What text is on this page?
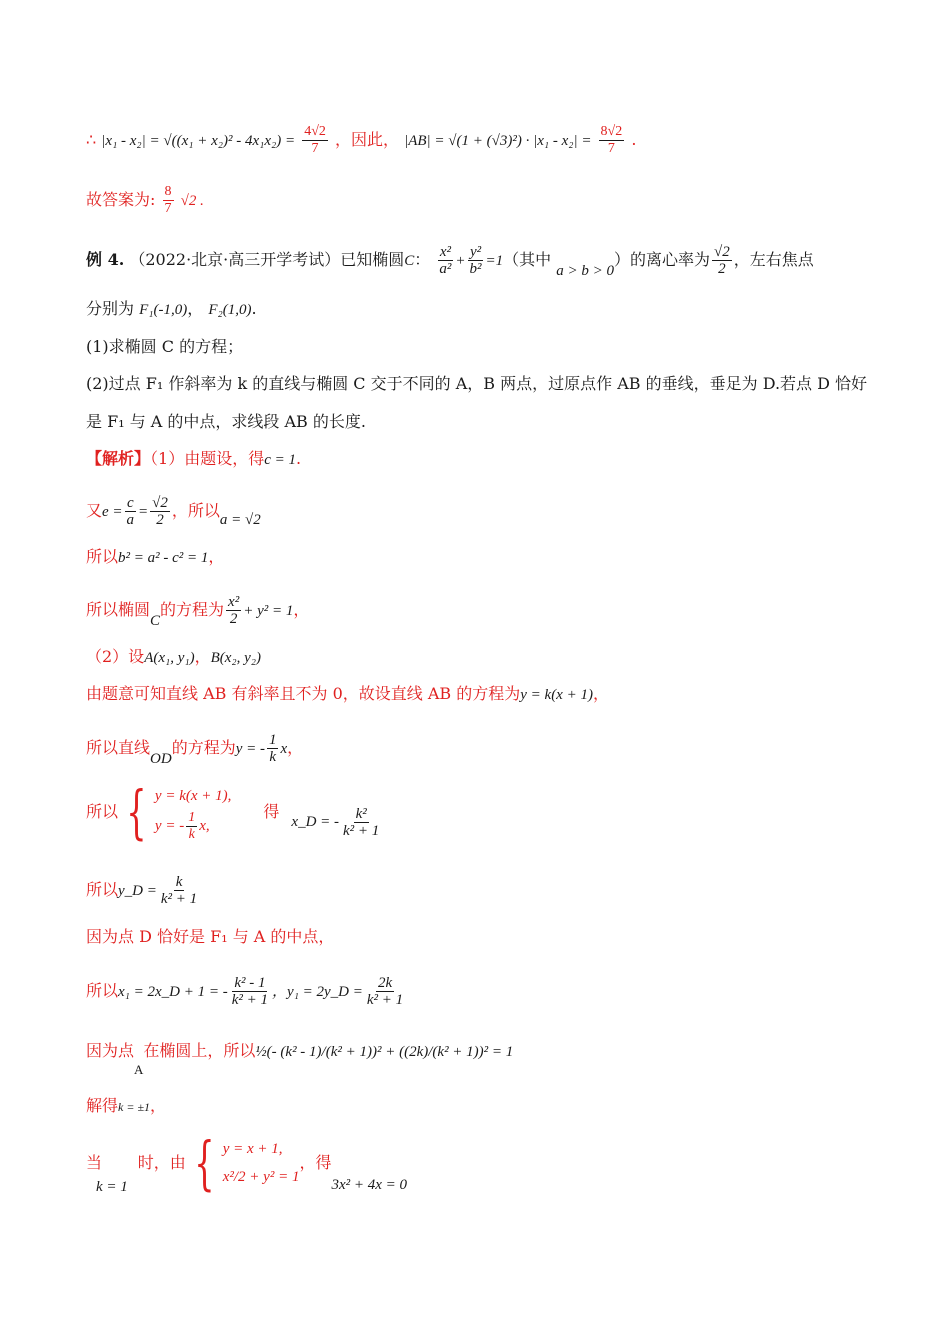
∴ $|x_1 - x_2| = √((x_1 + x_2)^2 - 4x_1x_2) = \frac{4√2}{7}$ ，因此， $|AB| = √(1 + (√3)^2) \cdot |x_1 - x_2| = \frac{8√2}{7}$ .
故答案为: $\frac{8}{7} √2$ .
例 4. （2022·北京·高三开学考试）已知椭圆C： $\frac{\text{x²}}{\text{a²}} + \frac{\text{y²}}{\text{b²}} =1$（其中 a > b > 0）的离心率为 $\frac{√2}{2}$ ，左右焦点
分别为 F₁(-1,0)， F₂(1,0).
(1)求椭圆 C 的方程；
(2)过点 F₁ 作斜率为 k 的直线与椭圆 C 交于不同的 A，B 两点，过原点作 AB 的垂线，垂足为 D.若点 D 恰好
是 F₁ 与 A 的中点，求线段 AB 的长度.
【解析】（1）由题设，得c = 1.
又$e = \frac{c}{a} = \frac{√2}{2}$ ，所以a = √2
所以b² = a² - c² = 1，
所以椭圆C的方程为 $\frac{\text{x²}}{2} + y^2 = 1$，
（2）设A(x₁, y₁)，B(x₂, y₂)
由题意可知直线 AB 有斜率且不为 0，故设直线 AB 的方程为y = k(x + 1)，
所以直线OD的方程为y = - $\frac{1}{k}$ x，
所以 { y = k(x + 1),
y = - $\frac{1}{k} x$,
得
x_D = - $\frac{\text{k²}}{\text{k² + 1}}$
所以y_D = $\frac{k}{\text{k² + 1}}$
因为点 D 恰好是 F₁ 与 A 的中点，
所以x₁ = 2x_D + 1 = - $\frac{\text{k² - 1}}{\text{k² + 1}}$ ，y₁ = 2y_D = $\frac{2k}{\text{k² + 1}}$
因为点$_A$在椭圆上，所以½(- (k² - 1)/(k² + 1))² + ((2k)/(k² + 1))² = 1
解得k = ±1，
当
k = 1
时，由 { y = x + 1,
x²/2 + y² = 1
，得
3x² + 4x = 0
